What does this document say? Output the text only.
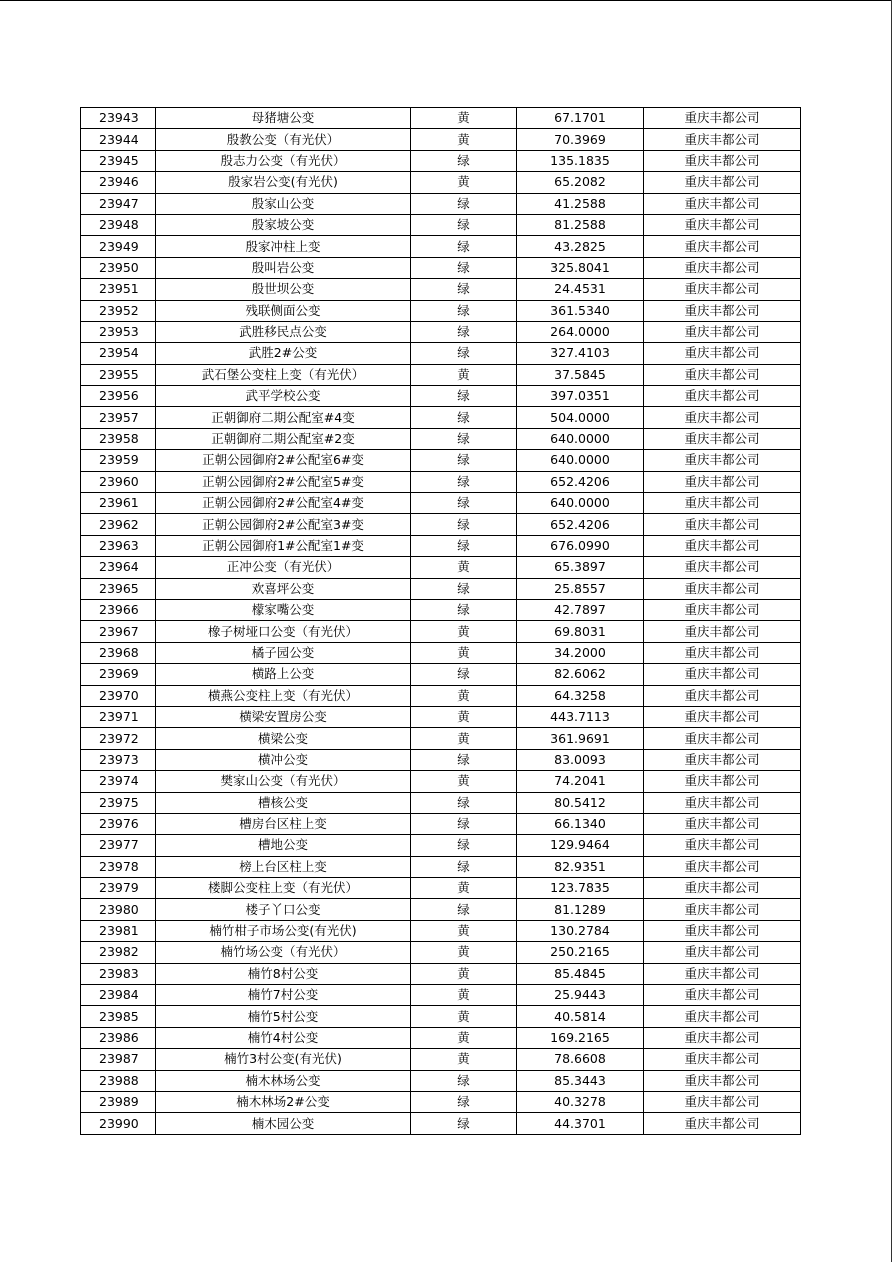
23943	母猪塘公变	黄	67.1701	重庆丰都公司
23944	殷教公变（有光伏）	黄	70.3969	重庆丰都公司
23945	殷志力公变（有光伏）	绿	135.1835	重庆丰都公司
23946	殷家岩公变(有光伏)	黄	65.2082	重庆丰都公司
23947	殷家山公变	绿	41.2588	重庆丰都公司
23948	殷家坡公变	绿	81.2588	重庆丰都公司
23949	殷家冲柱上变	绿	43.2825	重庆丰都公司
23950	殷叫岩公变	绿	325.8041	重庆丰都公司
23951	殷世坝公变	绿	24.4531	重庆丰都公司
23952	残联侧面公变	绿	361.5340	重庆丰都公司
23953	武胜移民点公变	绿	264.0000	重庆丰都公司
23954	武胜2#公变	绿	327.4103	重庆丰都公司
23955	武石堡公变柱上变（有光伏）	黄	37.5845	重庆丰都公司
23956	武平学校公变	绿	397.0351	重庆丰都公司
23957	正朝御府二期公配室#4变	绿	504.0000	重庆丰都公司
23958	正朝御府二期公配室#2变	绿	640.0000	重庆丰都公司
23959	正朝公园御府2#公配室6#变	绿	640.0000	重庆丰都公司
23960	正朝公园御府2#公配室5#变	绿	652.4206	重庆丰都公司
23961	正朝公园御府2#公配室4#变	绿	640.0000	重庆丰都公司
23962	正朝公园御府2#公配室3#变	绿	652.4206	重庆丰都公司
23963	正朝公园御府1#公配室1#变	绿	676.0990	重庆丰都公司
23964	正冲公变（有光伏）	黄	65.3897	重庆丰都公司
23965	欢喜坪公变	绿	25.8557	重庆丰都公司
23966	檬家嘴公变	绿	42.7897	重庆丰都公司
23967	橡子树垭口公变（有光伏）	黄	69.8031	重庆丰都公司
23968	橘子园公变	黄	34.2000	重庆丰都公司
23969	横路上公变	绿	82.6062	重庆丰都公司
23970	横燕公变柱上变（有光伏）	黄	64.3258	重庆丰都公司
23971	横梁安置房公变	黄	443.7113	重庆丰都公司
23972	横梁公变	黄	361.9691	重庆丰都公司
23973	横冲公变	绿	83.0093	重庆丰都公司
23974	樊家山公变（有光伏）	黄	74.2041	重庆丰都公司
23975	槽核公变	绿	80.5412	重庆丰都公司
23976	槽房台区柱上变	绿	66.1340	重庆丰都公司
23977	槽地公变	绿	129.9464	重庆丰都公司
23978	榜上台区柱上变	绿	82.9351	重庆丰都公司
23979	楼脚公变柱上变（有光伏）	黄	123.7835	重庆丰都公司
23980	楼子丫口公变	绿	81.1289	重庆丰都公司
23981	楠竹柑子市场公变(有光伏)	黄	130.2784	重庆丰都公司
23982	楠竹场公变（有光伏）	黄	250.2165	重庆丰都公司
23983	楠竹8村公变	黄	85.4845	重庆丰都公司
23984	楠竹7村公变	黄	25.9443	重庆丰都公司
23985	楠竹5村公变	黄	40.5814	重庆丰都公司
23986	楠竹4村公变	黄	169.2165	重庆丰都公司
23987	楠竹3村公变(有光伏)	黄	78.6608	重庆丰都公司
23988	楠木林场公变	绿	85.3443	重庆丰都公司
23989	楠木林场2#公变	绿	40.3278	重庆丰都公司
23990	楠木园公变	绿	44.3701	重庆丰都公司
